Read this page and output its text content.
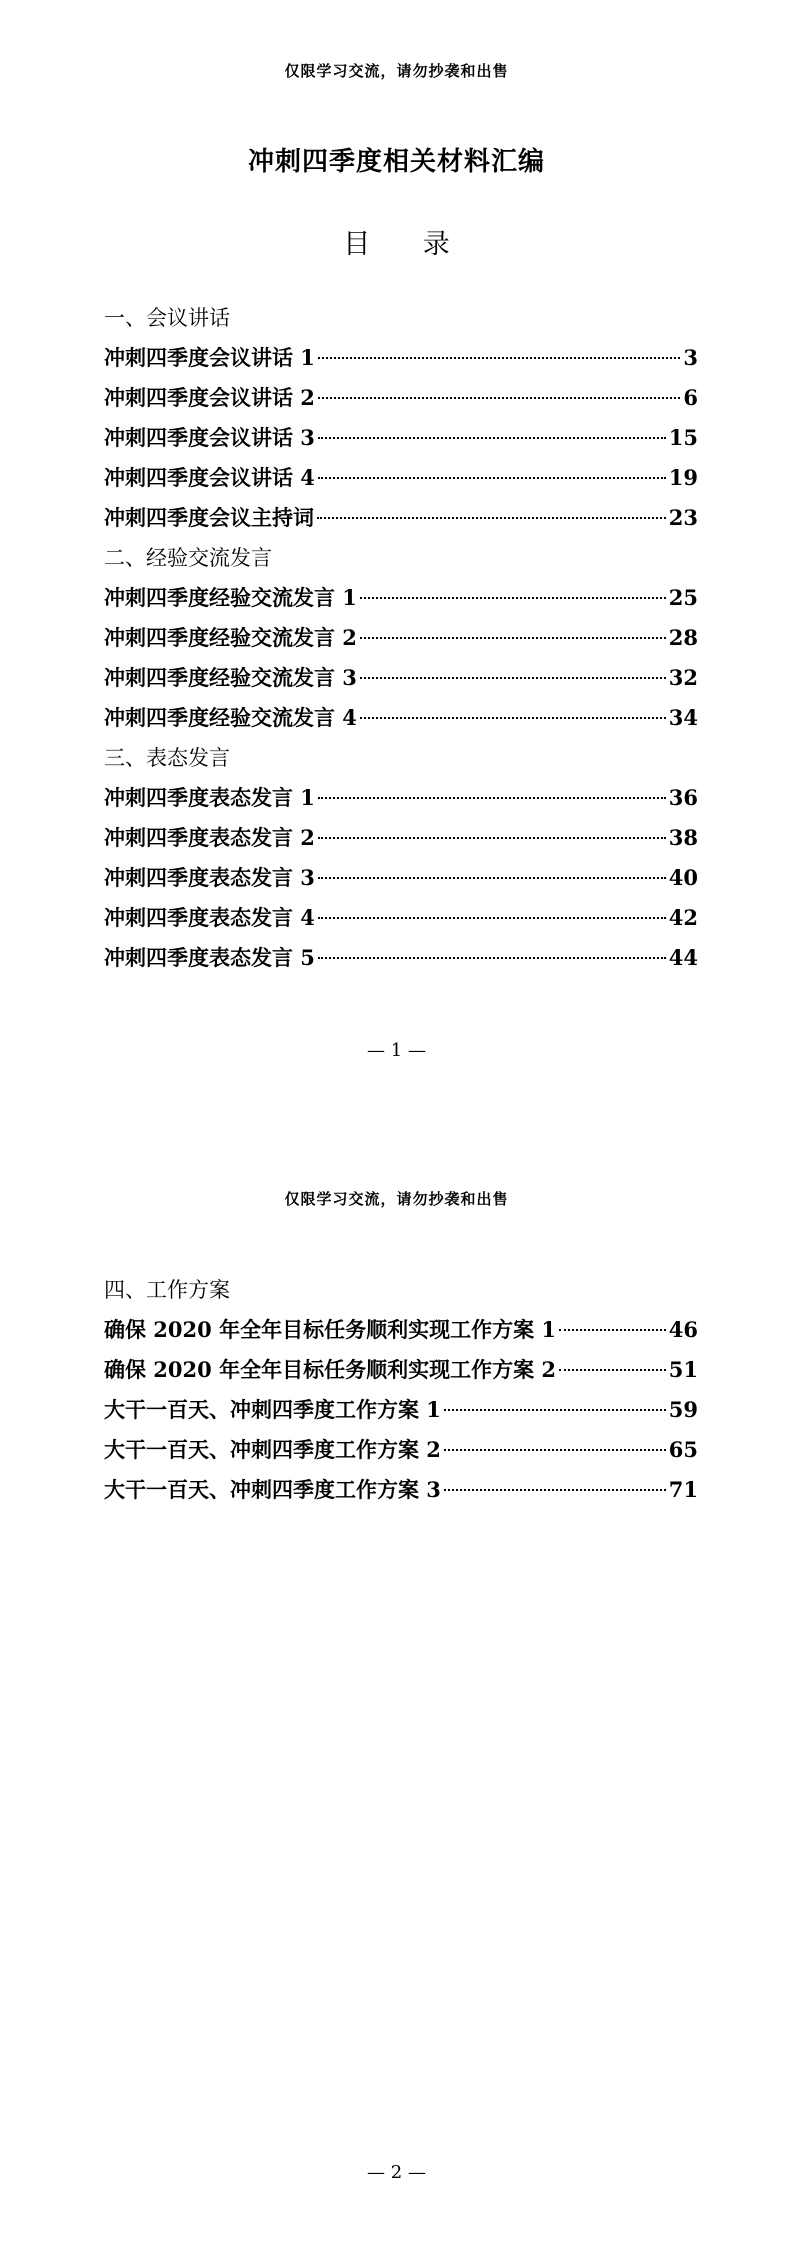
仅限学习交流，请勿抄袭和出售
冲刺四季度相关材料汇编
目 录
一、会议讲话
冲刺四季度会议讲话 1	3
冲刺四季度会议讲话 2	6
冲刺四季度会议讲话 3	15
冲刺四季度会议讲话 4	19
冲刺四季度会议主持词	23
二、经验交流发言
冲刺四季度经验交流发言 1	25
冲刺四季度经验交流发言 2	28
冲刺四季度经验交流发言 3	32
冲刺四季度经验交流发言 4	34
三、表态发言
冲刺四季度表态发言 1	36
冲刺四季度表态发言 2	38
冲刺四季度表态发言 3	40
冲刺四季度表态发言 4	42
冲刺四季度表态发言 5	44
— 1 —
仅限学习交流，请勿抄袭和出售
四、工作方案
确保 2020 年全年目标任务顺利实现工作方案 1	46
确保 2020 年全年目标任务顺利实现工作方案 2	51
大干一百天、冲刺四季度工作方案 1	59
大干一百天、冲刺四季度工作方案 2	65
大干一百天、冲刺四季度工作方案 3	71
— 2 —
